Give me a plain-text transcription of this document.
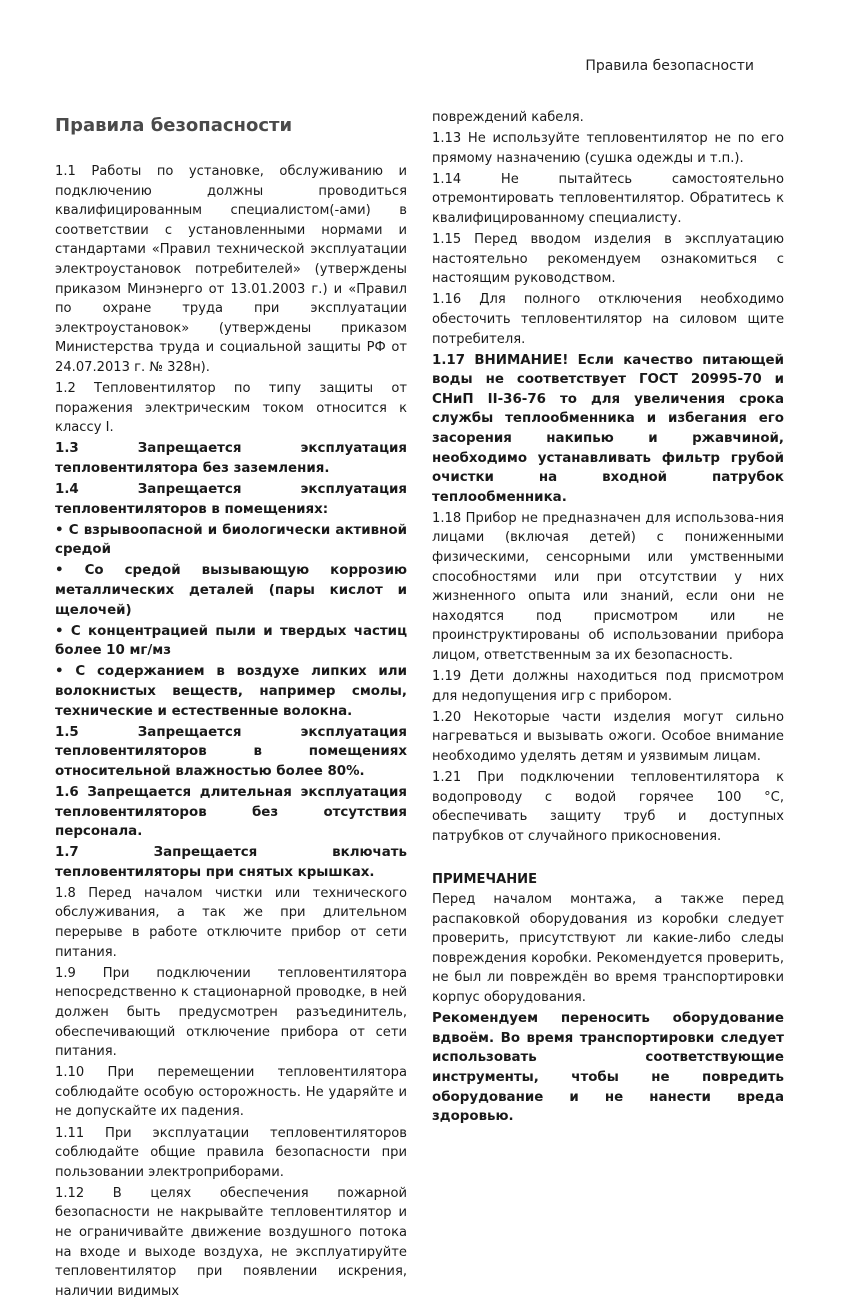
Правила безопасности
Правила безопасности

1.1 Работы по установке, обслуживанию и подключению должны проводиться квалифицированным специалистом(-ами) в соответствии с установленными нормами и стандартами «Правил технической эксплуатации электроустановок потребителей» (утверждены приказом Минэнерго от 13.01.2003 г.) и «Правил по охране труда при эксплуатации электроустановок» (утверждены приказом Министерства труда и социальной защиты РФ от 24.07.2013 г. № 328н).

1.2 Тепловентилятор по типу защиты от поражения электрическим током относится к классу I.

1.3 Запрещается эксплуатация тепловентилятора без заземления.

1.4 Запрещается эксплуатация тепловентиляторов в помещениях:

• С взрывоопасной и биологически активной средой

• Со средой вызывающую коррозию металлических деталей (пары кислот и щелочей)

• С концентрацией пыли и твердых частиц более 10 мг/мз

• С содержанием в воздухе липких или волокнистых веществ, например смолы, технические и естественные волокна.

1.5 Запрещается эксплуатация тепловентиляторов в помещениях относительной влажностью более 80%.

1.6 Запрещается длительная эксплуатация тепловентиляторов без отсутствия персонала.

1.7 Запрещается включать тепловентиляторы при снятых крышках.

1.8 Перед началом чистки или технического обслуживания, а так же при длительном перерыве в работе отключите прибор от сети питания.

1.9 При подключении тепловентилятора непосредственно к стационарной проводке, в ней должен быть предусмотрен разъединитель, обеспечивающий отключение прибора от сети питания.

1.10 При перемещении тепловентилятора соблюдайте особую осторожность. Не ударяйте и не допускайте их падения.

1.11 При эксплуатации тепловентиляторов соблюдайте общие правила безопасности при пользовании электроприборами.

1.12 В целях обеспечения пожарной безопасности не накрывайте тепловентилятор и не ограничивайте движение воздушного потока на входе и выходе воздуха, не эксплуатируйте тепловентилятор при появлении искрения, наличии видимых

повреждений кабеля.

1.13 Не используйте тепловентилятор не по его прямому назначению (сушка одежды и т.п.).

1.14 Не пытайтесь самостоятельно отремонтировать тепловентилятор. Обратитесь к квалифицированному специалисту.

1.15 Перед вводом изделия в эксплуатацию настоятельно рекомендуем ознакомиться с настоящим руководством.

1.16 Для полного отключения необходимо обесточить тепловентилятор на силовом щите потребителя.

1.17 ВНИМАНИЕ! Если качество питающей воды не соответствует ГОСТ 20995-70 и СНиП II-36-76 то для увеличения срока службы теплообменника и избегания его засорения накипью и ржавчиной, необходимо устанавливать фильтр грубой очистки на входной патрубок теплообменника.

1.18 Прибор не предназначен для использова-ния лицами (включая детей) с пониженными физическими, сенсорными или умственными способностями или при отсутствии у них жизненного опыта или знаний, если они не находятся под присмотром или не проинструктированы об использовании прибора лицом, ответственным за их безопасность.

1.19 Дети должны находиться под присмотром для недопущения игр с прибором.

1.20 Некоторые части изделия могут сильно нагреваться и вызывать ожоги. Особое внимание необходимо уделять детям и уязвимым лицам.

1.21 При подключении тепловентилятора к водопроводу с водой горячее 100 °С, обеспечивать защиту труб и доступных патрубков от случайного прикосновения.

ПРИМЕЧАНИЕ

Перед началом монтажа, а также перед распаковкой оборудования из коробки следует проверить, присутствуют ли какие-либо следы повреждения коробки. Рекомендуется проверить, не был ли повреждён во время транспортировки корпус оборудования.

Рекомендуем переносить оборудование вдвоём. Во время транспортировки следует использовать соответствующие инструменты, чтобы не повредить оборудование и не нанести вреда здоровью.
